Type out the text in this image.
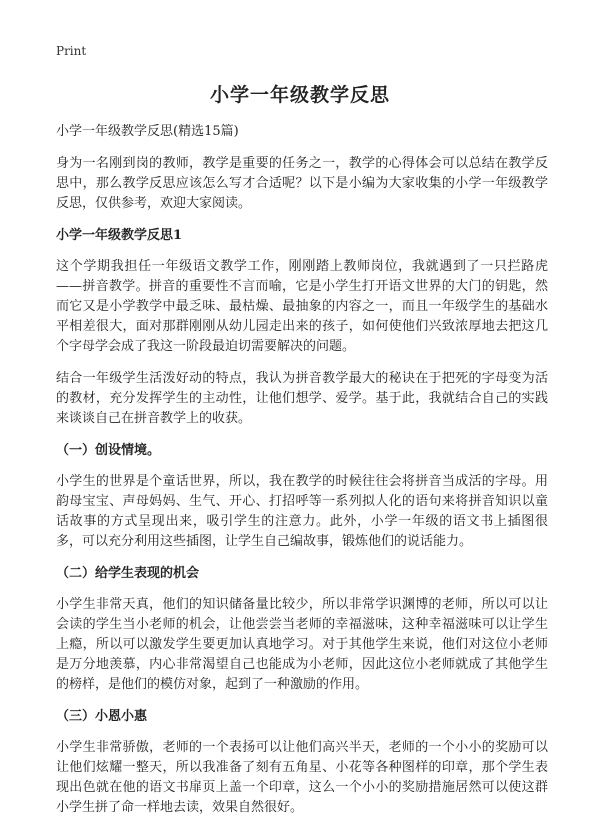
Print
小学一年级教学反思
小学一年级教学反思(精选15篇)

身为一名刚到岗的教师，教学是重要的任务之一，教学的心得体会可以总结在教学反思中，那么教学反思应该怎么写才合适呢？以下是小编为大家收集的小学一年级教学反思，仅供参考，欢迎大家阅读。

小学一年级教学反思1

这个学期我担任一年级语文教学工作，刚刚踏上教师岗位，我就遇到了一只拦路虎——拼音教学。拼音的重要性不言而喻，它是小学生打开语文世界的大门的钥匙，然而它又是小学教学中最乏味、最枯燥、最抽象的内容之一，而且一年级学生的基础水平相差很大，面对那群刚刚从幼儿园走出来的孩子，如何使他们兴致浓厚地去把这几个字母学会成了我这一阶段最迫切需要解决的问题。

结合一年级学生活泼好动的特点，我认为拼音教学最大的秘诀在于把死的字母变为活的教材，充分发挥学生的主动性，让他们想学、爱学。基于此，我就结合自己的实践来谈谈自己在拼音教学上的收获。

（一）创设情境。

小学生的世界是个童话世界，所以，我在教学的时候往往会将拼音当成活的字母。用韵母宝宝、声母妈妈、生气、开心、打招呼等一系列拟人化的语句来将拼音知识以童话故事的方式呈现出来，吸引学生的注意力。此外，小学一年级的语文书上插图很多，可以充分利用这些插图，让学生自己编故事，锻炼他们的说话能力。

（二）给学生表现的机会

小学生非常天真，他们的知识储备量比较少，所以非常学识渊博的老师，所以可以让会读的学生当小老师的机会，让他尝尝当老师的幸福滋味，这种幸福滋味可以让学生上瘾，所以可以激发学生要更加认真地学习。对于其他学生来说，他们对这位小老师是万分地羡慕，内心非常渴望自己也能成为小老师，因此这位小老师就成了其他学生的榜样，是他们的模仿对象，起到了一种激励的作用。

（三）小恩小惠

小学生非常骄傲，老师的一个表扬可以让他们高兴半天，老师的一个小小的奖励可以让他们炫耀一整天，所以我准备了刻有五角星、小花等各种图样的印章，那个学生表现出色就在他的语文书扉页上盖一个印章，这么一个小小的奖励措施居然可以使这群小学生拼了命一样地去读，效果自然很好。
